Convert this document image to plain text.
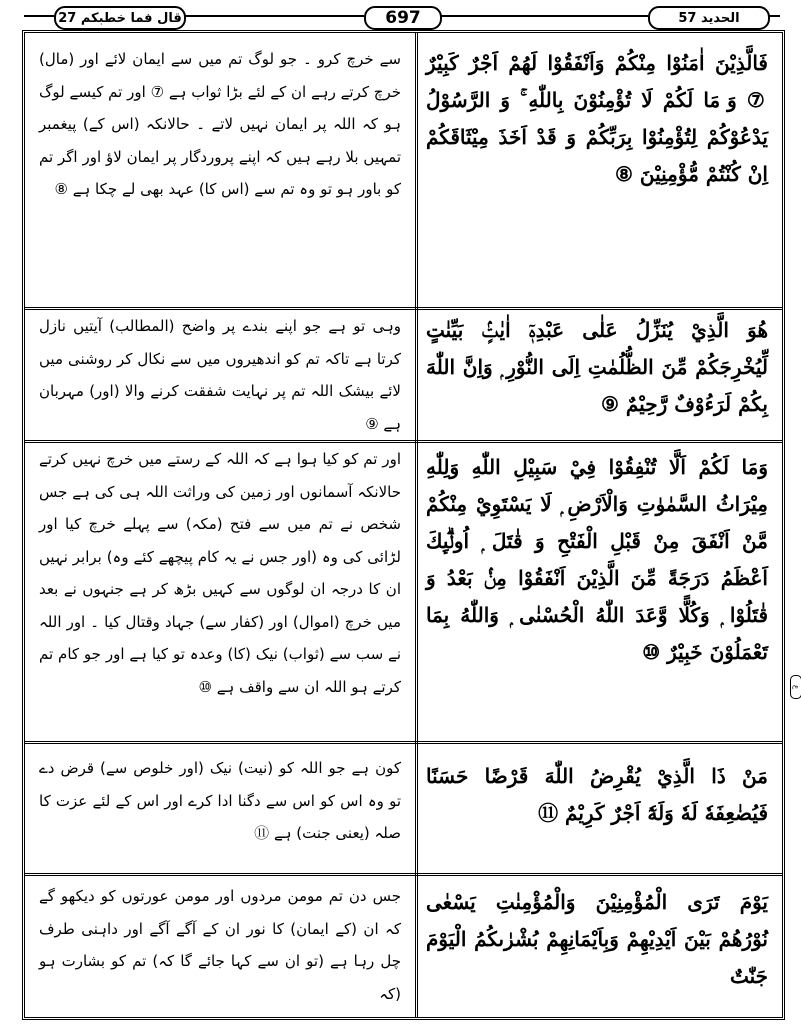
قال فما خطبکم 27	697	الحدید 57
فَالَّذِيْنَ اٰمَنُوْا مِنْكُمْ وَاَنْفَقُوْا لَهُمْ اَجْرٌ كَبِيْرٌ ⑦ وَ مَا لَكُمْ لَا تُؤْمِنُوْنَ بِاللّٰهِ ۚ وَ الرَّسُوْلُ يَدْعُوْكُمْ لِتُؤْمِنُوْا بِرَبِّكُمْ وَ قَدْ اَخَذَ مِيْثَاقَكُمْ اِنْ كُنْتُمْ مُّؤْمِنِيْنَ ⑧
سے خرچ کرو ۔ جو لوگ تم میں سے ایمان لائے اور (مال) خرچ کرتے رہے ان کے لئے بڑا ثواب ہے ⑦ اور تم کیسے لوگ ہو کہ اللہ پر ایمان نہیں لاتے ۔ حالانکہ (اس کے) پیغمبر تمہیں بلا رہے ہیں کہ اپنے پروردگار پر ایمان لاؤ اور اگر تم کو باور ہو تو وہ تم سے (اس کا) عہد بھی لے چکا ہے ⑧
هُوَ الَّذِيْ يُنَزِّلُ عَلٰى عَبْدِهٖٓ اٰيٰتٍۢ بَيِّنٰتٍ لِّيُخْرِجَكُمْ مِّنَ الظُّلُمٰتِ اِلَى النُّوْرِ ۭ وَاِنَّ اللّٰهَ بِكُمْ لَرَءُوْفٌ رَّحِيْمٌ ⑨
وہی تو ہے جو اپنے بندے پر واضح (المطالب) آیتیں نازل کرتا ہے تاکہ تم کو اندھیروں میں سے نکال کر روشنی میں لائے بیشک اللہ تم پر نہایت شفقت کرنے والا (اور) مہربان ہے ⑨
وَمَا لَكُمْ اَلَّا تُنْفِقُوْا فِيْ سَبِيْلِ اللّٰهِ وَلِلّٰهِ مِيْرَاثُ السَّمٰوٰتِ وَالْاَرْضِ ۭ لَا يَسْتَوِيْ مِنْكُمْ مَّنْ اَنْفَقَ مِنْ قَبْلِ الْفَتْحِ وَ قٰتَلَ ۭ اُولٰۗىِٕكَ اَعْظَمُ دَرَجَةً مِّنَ الَّذِيْنَ اَنْفَقُوْا مِنْۢ بَعْدُ وَ قٰتَلُوْا ۭ وَكُلًّا وَّعَدَ اللّٰهُ الْحُسْنٰى ۭ وَاللّٰهُ بِمَا تَعْمَلُوْنَ خَبِيْرٌ ⑩
اور تم کو کیا ہوا ہے کہ اللہ کے رستے میں خرچ نہیں کرتے حالانکہ آسمانوں اور زمین کی وراثت اللہ ہی کی ہے جس شخص نے تم میں سے فتح (مکہ) سے پہلے خرچ کیا اور لڑائی کی وہ (اور جس نے یہ کام پیچھے کئے وہ) برابر نہیں ان کا درجہ ان لوگوں سے کہیں بڑھ کر ہے جنہوں نے بعد میں خرچ (اموال) اور (کفار سے) جہاد وقتال کیا ۔ اور اللہ نے سب سے (ثواب) نیک (کا) وعدہ تو کیا ہے اور جو کام تم کرتے ہو اللہ ان سے واقف ہے ⑩
مَنْ ذَا الَّذِيْ يُقْرِضُ اللّٰهَ قَرْضًا حَسَنًا فَيُضٰعِفَهٗ لَهٗ وَلَهٗٓ اَجْرٌ كَرِيْمٌ ⑪
کون ہے جو اللہ کو (نیت) نیک (اور خلوص سے) قرض دے تو وہ اس کو اس سے دگنا ادا کرے اور اس کے لئے عزت کا صلہ (یعنی جنت) ہے ⑪
يَوْمَ تَرَى الْمُؤْمِنِيْنَ وَالْمُؤْمِنٰتِ يَسْعٰى نُوْرُهُمْ بَيْنَ اَيْدِيْهِمْ وَبِاَيْمَانِهِمْ بُشْرٰىكُمُ الْيَوْمَ جَنّٰتٌ
جس دن تم مومن مردوں اور مومن عورتوں کو دیکھو گے کہ ان (کے ایمان) کا نور ان کے آگے آگے اور داہنی طرف چل رہا ہے (تو ان سے کہا جائے گا کہ) تم کو بشارت ہو (کہ
ع
